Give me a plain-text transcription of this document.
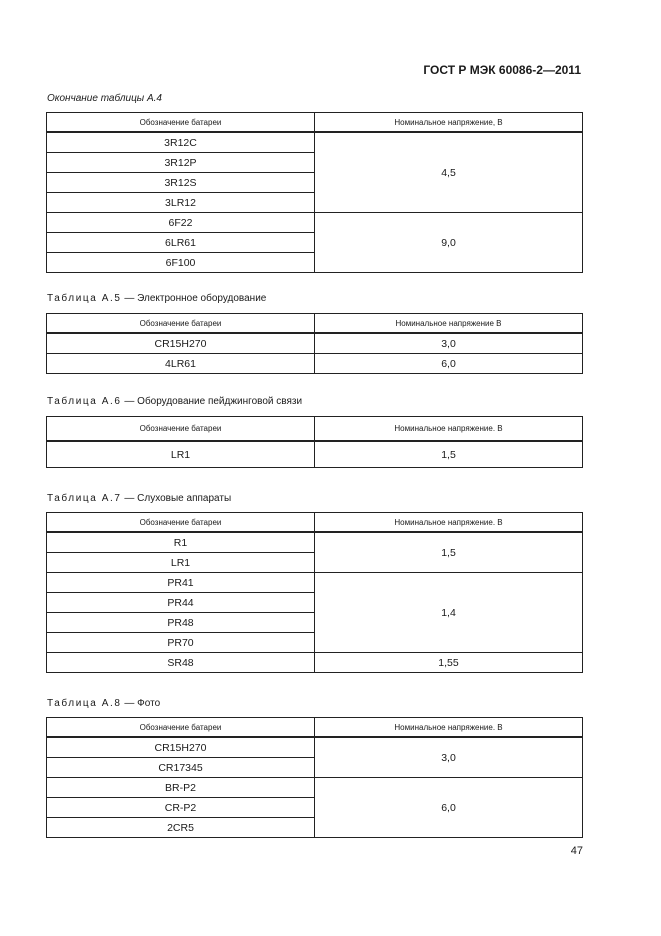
ГОСТ Р МЭК 60086-2—2011
Окончание таблицы А.4
Обозначение батареи	Номинальное напряжение, В
3R12C	4,5
3R12P	
3R12S	
3LR12	
6F22	9,0
6LR61	
6F100	
Таблица А.5 — Электронное оборудование
Обозначение батареи	Номинальное напряжение В
CR15H270	3,0
4LR61	6,0
Таблица А.6 — Оборудование пейджинговой связи
Обозначение батареи	Номинальное напряжение. В
LR1	1,5
Таблица А.7 — Слуховые аппараты
Обозначение батареи	Номинальное напряжение. В
R1	1,5
LR1	
PR41	1,4
PR44	
PR48	
PR70	
SR48	1,55
Таблица А.8 — Фото
Обозначение батареи	Номинальное напряжение. В
CR15H270	3,0
CR17345	
BR-P2	6,0
CR-P2	
2CR5	
47
